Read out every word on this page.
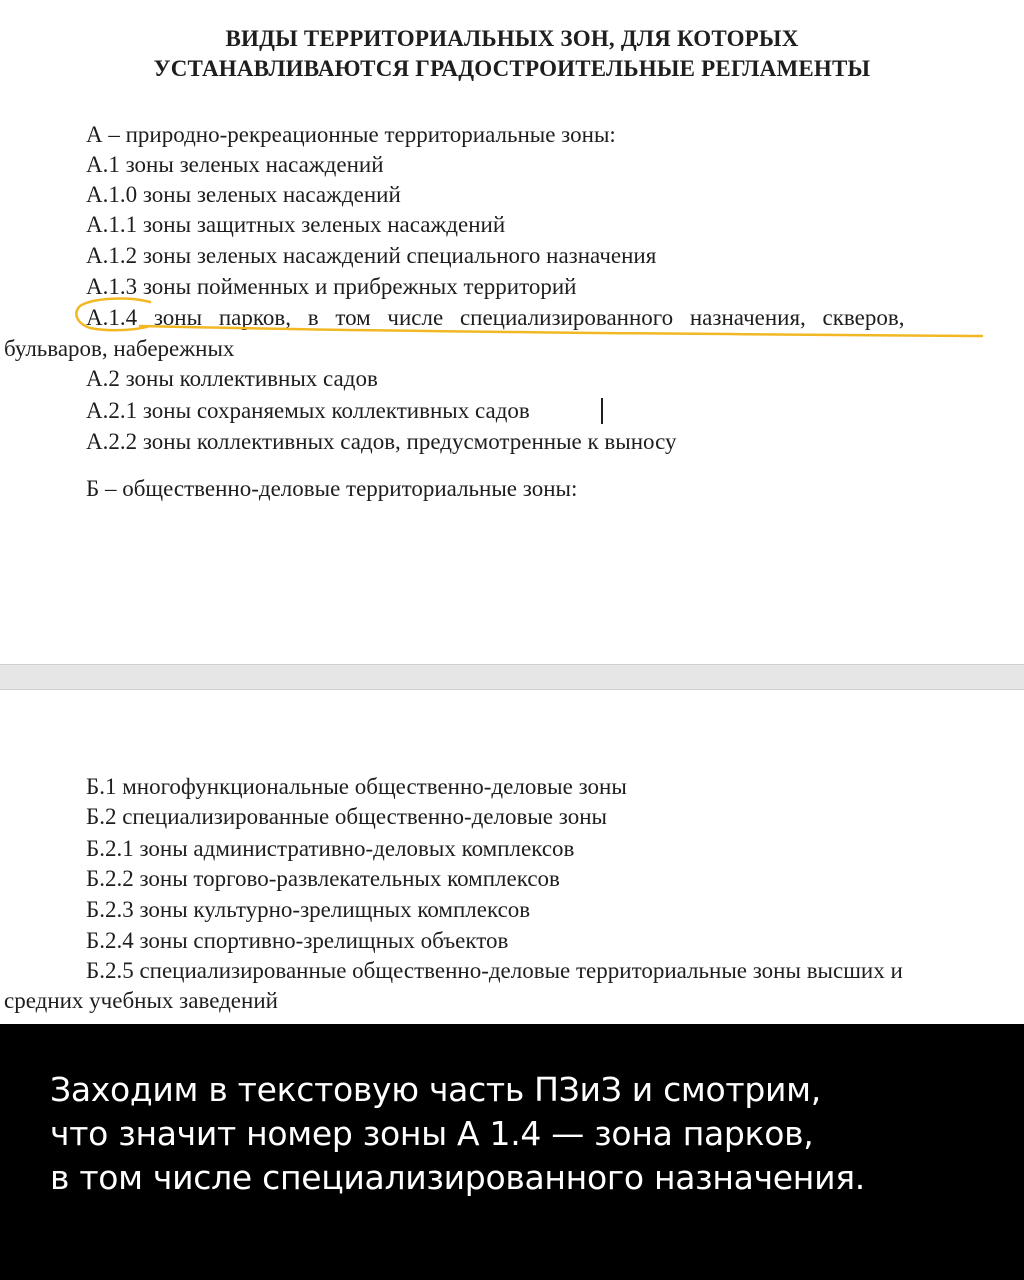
ВИДЫ ТЕРРИТОРИАЛЬНЫХ ЗОН, ДЛЯ КОТОРЫХ
УСТАНАВЛИВАЮТСЯ ГРАДОСТРОИТЕЛЬНЫЕ РЕГЛАМЕНТЫ
А – природно-рекреационные территориальные зоны:
А.1 зоны зеленых насаждений
А.1.0 зоны зеленых насаждений
А.1.1 зоны защитных зеленых насаждений
А.1.2 зоны зеленых насаждений специального назначения
А.1.3 зоны пойменных и прибрежных территорий
А.1.4 зоны парков, в том числе специализированного назначения, скверов,
бульваров, набережных
А.2 зоны коллективных садов
А.2.1 зоны сохраняемых коллективных садов
А.2.2 зоны коллективных садов, предусмотренные к выносу
Б – общественно-деловые территориальные зоны:
Б.1 многофункциональные общественно-деловые зоны
Б.2 специализированные общественно-деловые зоны
Б.2.1 зоны административно-деловых комплексов
Б.2.2 зоны торгово-развлекательных комплексов
Б.2.3 зоны культурно-зрелищных комплексов
Б.2.4 зоны спортивно-зрелищных объектов
Б.2.5 специализированные общественно-деловые территориальные зоны высших и
средних учебных заведений
Заходим в текстовую часть ПЗиЗ и смотрим,
что значит номер зоны А 1.4 — зона парков,
в том числе специализированного назначения.
